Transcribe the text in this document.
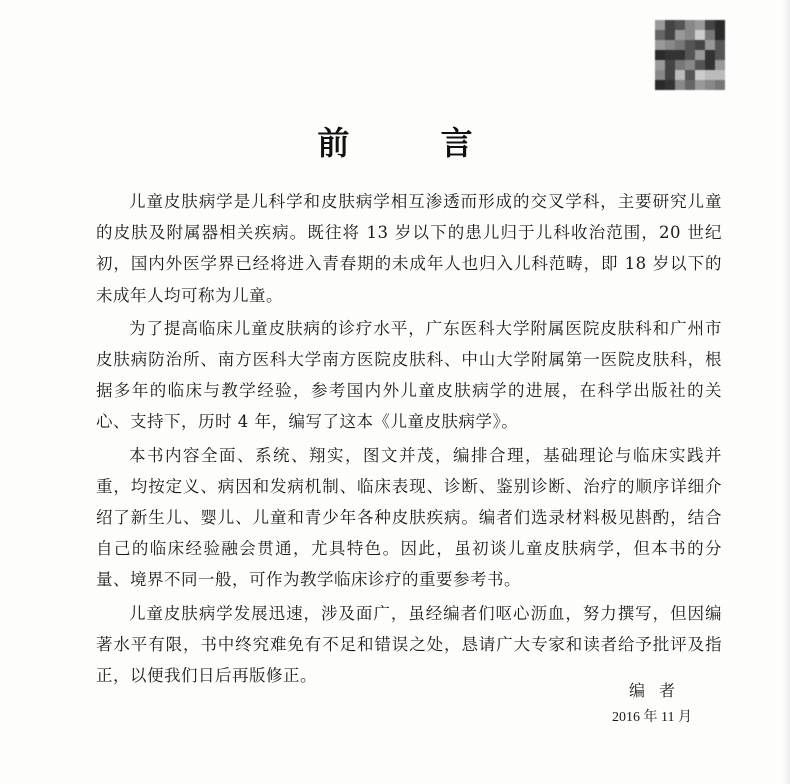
前 言

儿童皮肤病学是儿科学和皮肤病学相互渗透而形成的交叉学科，主要研究儿童的皮肤及附属器相关疾病。既往将 13 岁以下的患儿归于儿科收治范围，20 世纪初，国内外医学界已经将进入青春期的未成年人也归入儿科范畴，即 18 岁以下的未成年人均可称为儿童。

为了提高临床儿童皮肤病的诊疗水平，广东医科大学附属医院皮肤科和广州市皮肤病防治所、南方医科大学南方医院皮肤科、中山大学附属第一医院皮肤科，根据多年的临床与教学经验，参考国内外儿童皮肤病学的进展，在科学出版社的关心、支持下，历时 4 年，编写了这本《儿童皮肤病学》。

本书内容全面、系统、翔实，图文并茂，编排合理，基础理论与临床实践并重，均按定义、病因和发病机制、临床表现、诊断、鉴别诊断、治疗的顺序详细介绍了新生儿、婴儿、儿童和青少年各种皮肤疾病。编者们选录材料极见斟酌，结合自己的临床经验融会贯通，尤具特色。因此，虽初谈儿童皮肤病学，但本书的分量、境界不同一般，可作为教学临床诊疗的重要参考书。

儿童皮肤病学发展迅速，涉及面广，虽经编者们呕心沥血，努力撰写，但因编著水平有限，书中终究难免有不足和错误之处，恳请广大专家和读者给予批评及指正，以便我们日后再版修正。

编者
2016 年 11 月
